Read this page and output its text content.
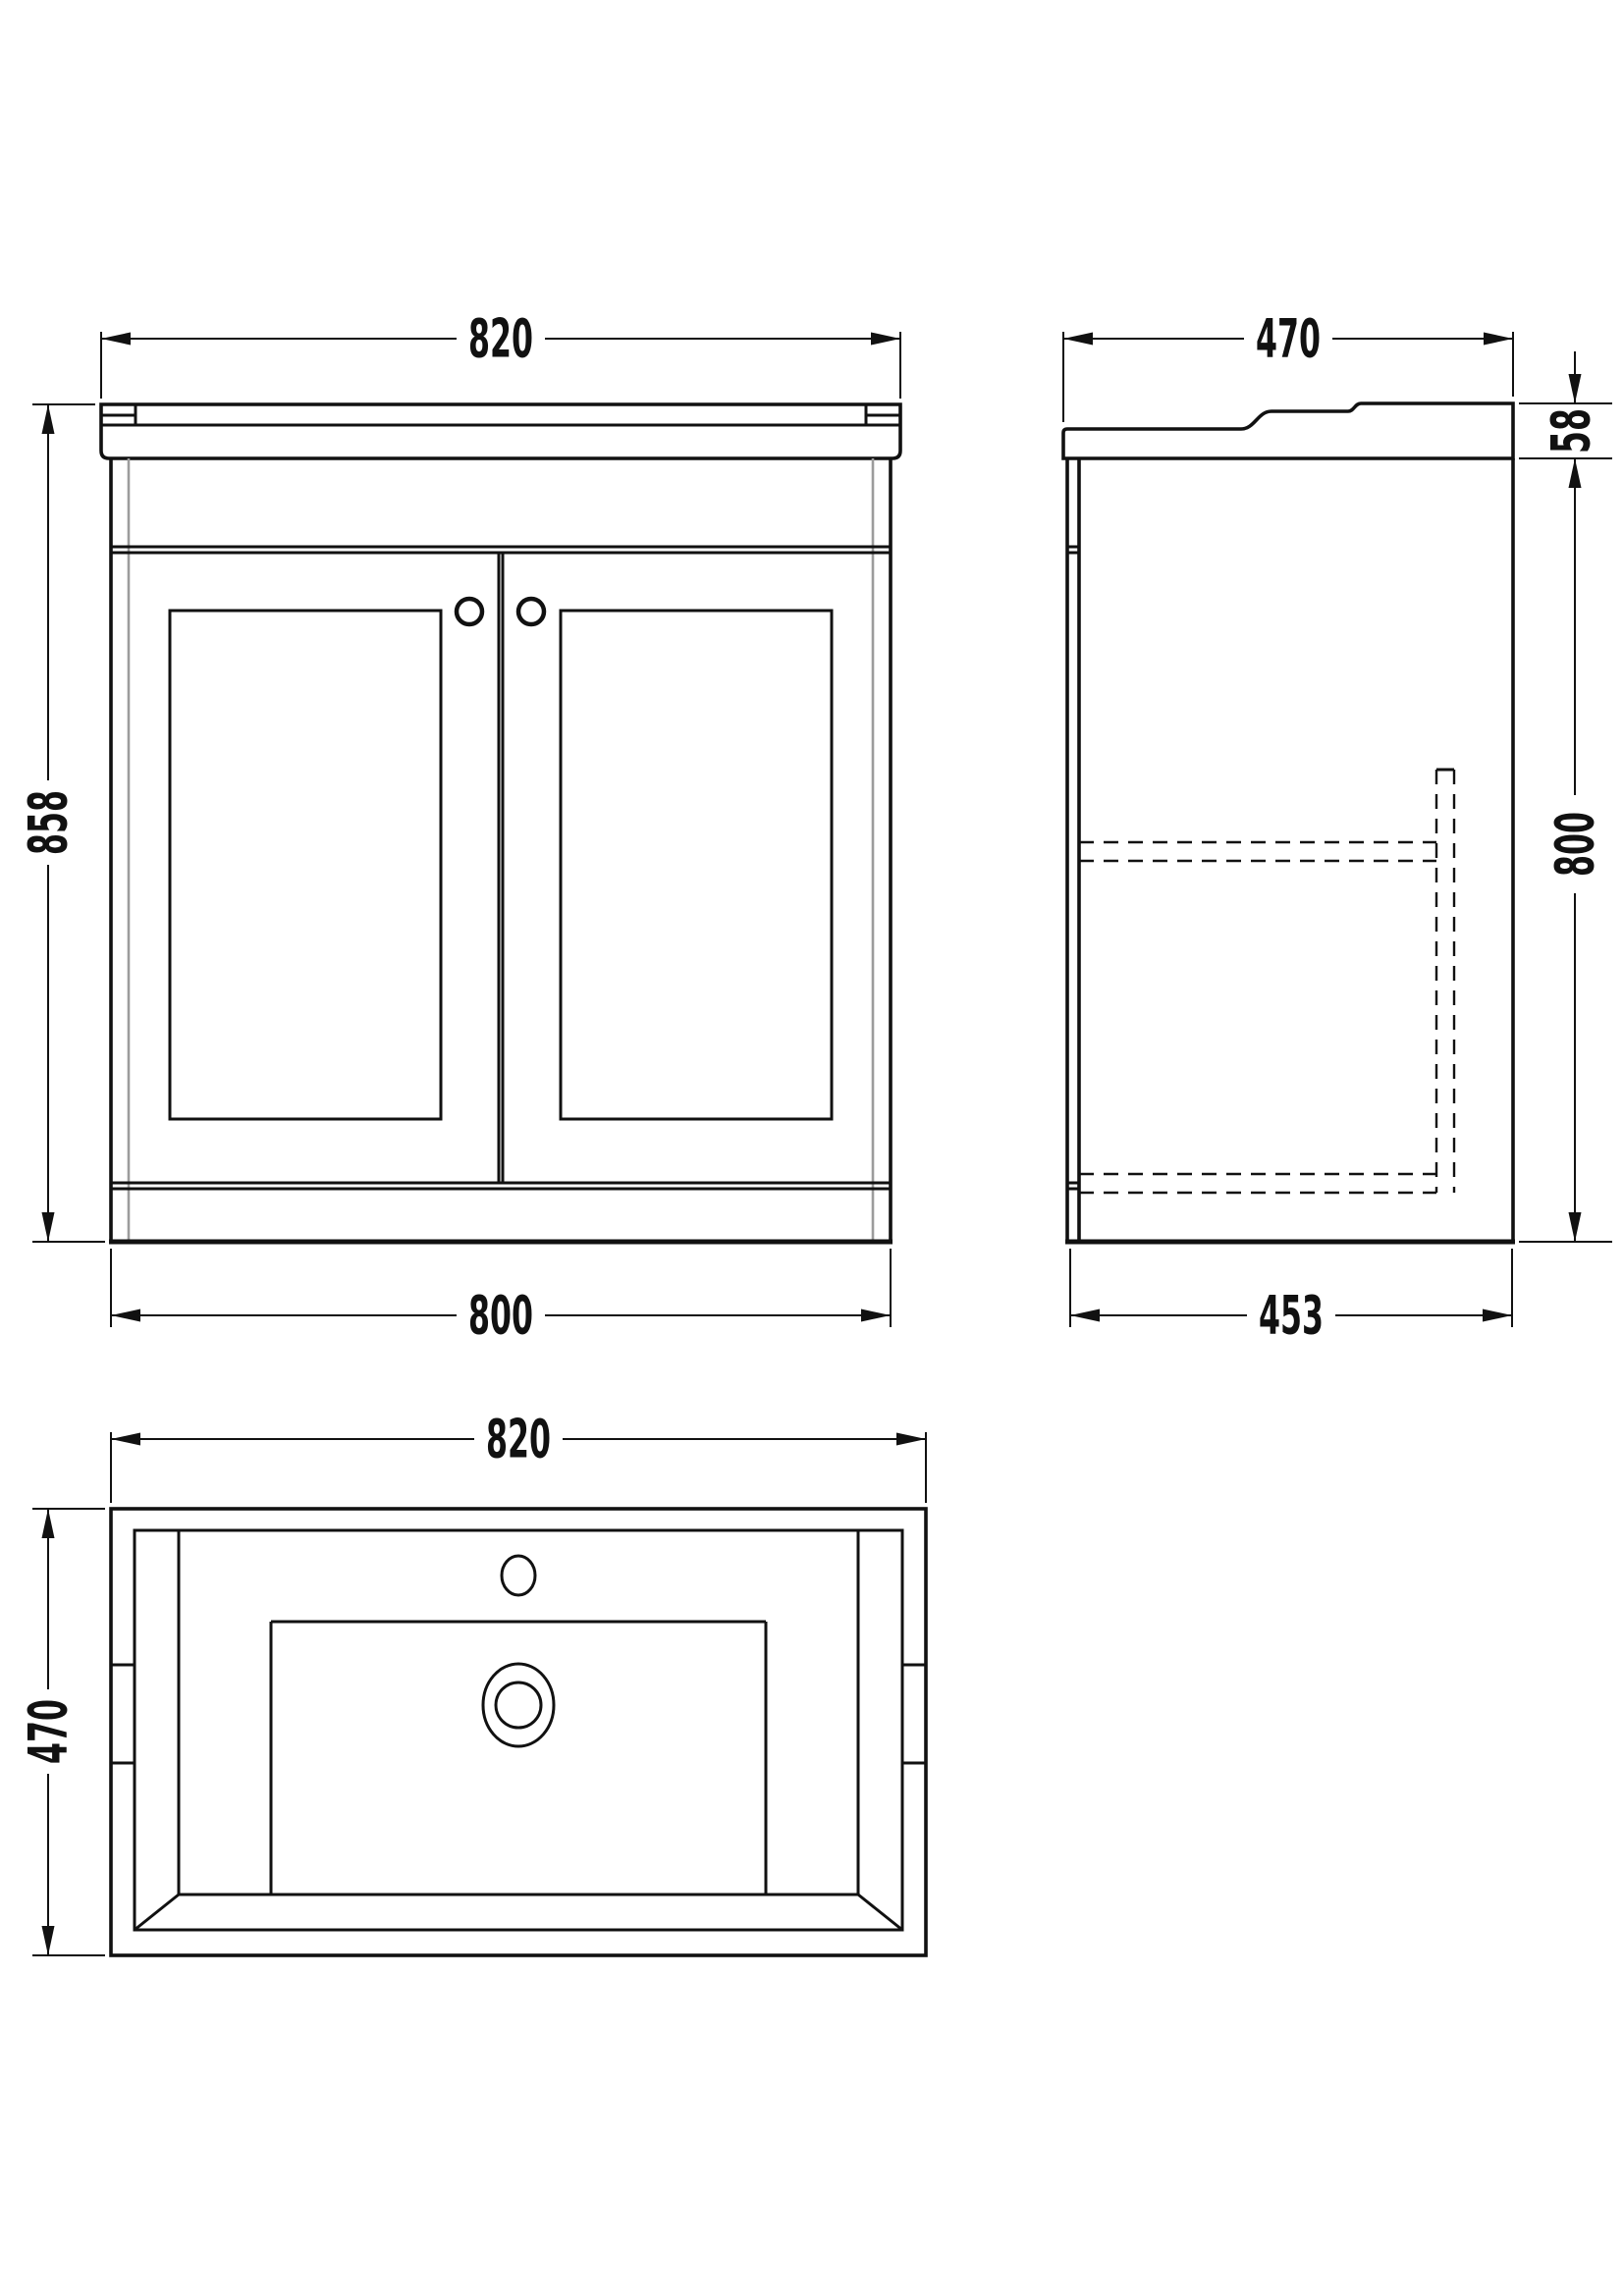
820
858
800
470
58
800
453
820
470
